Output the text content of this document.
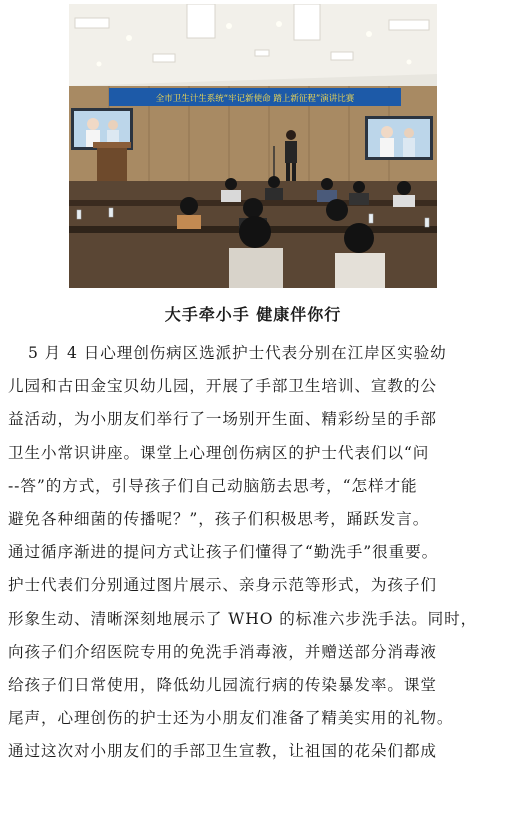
全市卫生计生系统“牢记新使命 踏上新征程”演讲比赛
大手牵小手 健康伴你行
5 月 4 日心理创伤病区选派护士代表分别在江岸区实验幼
儿园和古田金宝贝幼儿园，开展了手部卫生培训、宣教的公
益活动，为小朋友们举行了一场别开生面、精彩纷呈的手部
卫生小常识讲座。课堂上心理创伤病区的护士代表们以“问
--答”的方式，引导孩子们自己动脑筋去思考，“怎样才能
避免各种细菌的传播呢？”，孩子们积极思考，踊跃发言。
通过循序渐进的提问方式让孩子们懂得了“勤洗手”很重要。
护士代表们分别通过图片展示、亲身示范等形式，为孩子们
形象生动、清晰深刻地展示了 WHO 的标准六步洗手法。同时，
向孩子们介绍医院专用的免洗手消毒液，并赠送部分消毒液
给孩子们日常使用，降低幼儿园流行病的传染暴发率。课堂
尾声，心理创伤的护士还为小朋友们准备了精美实用的礼物。
通过这次对小朋友们的手部卫生宣教，让祖国的花朵们都成
